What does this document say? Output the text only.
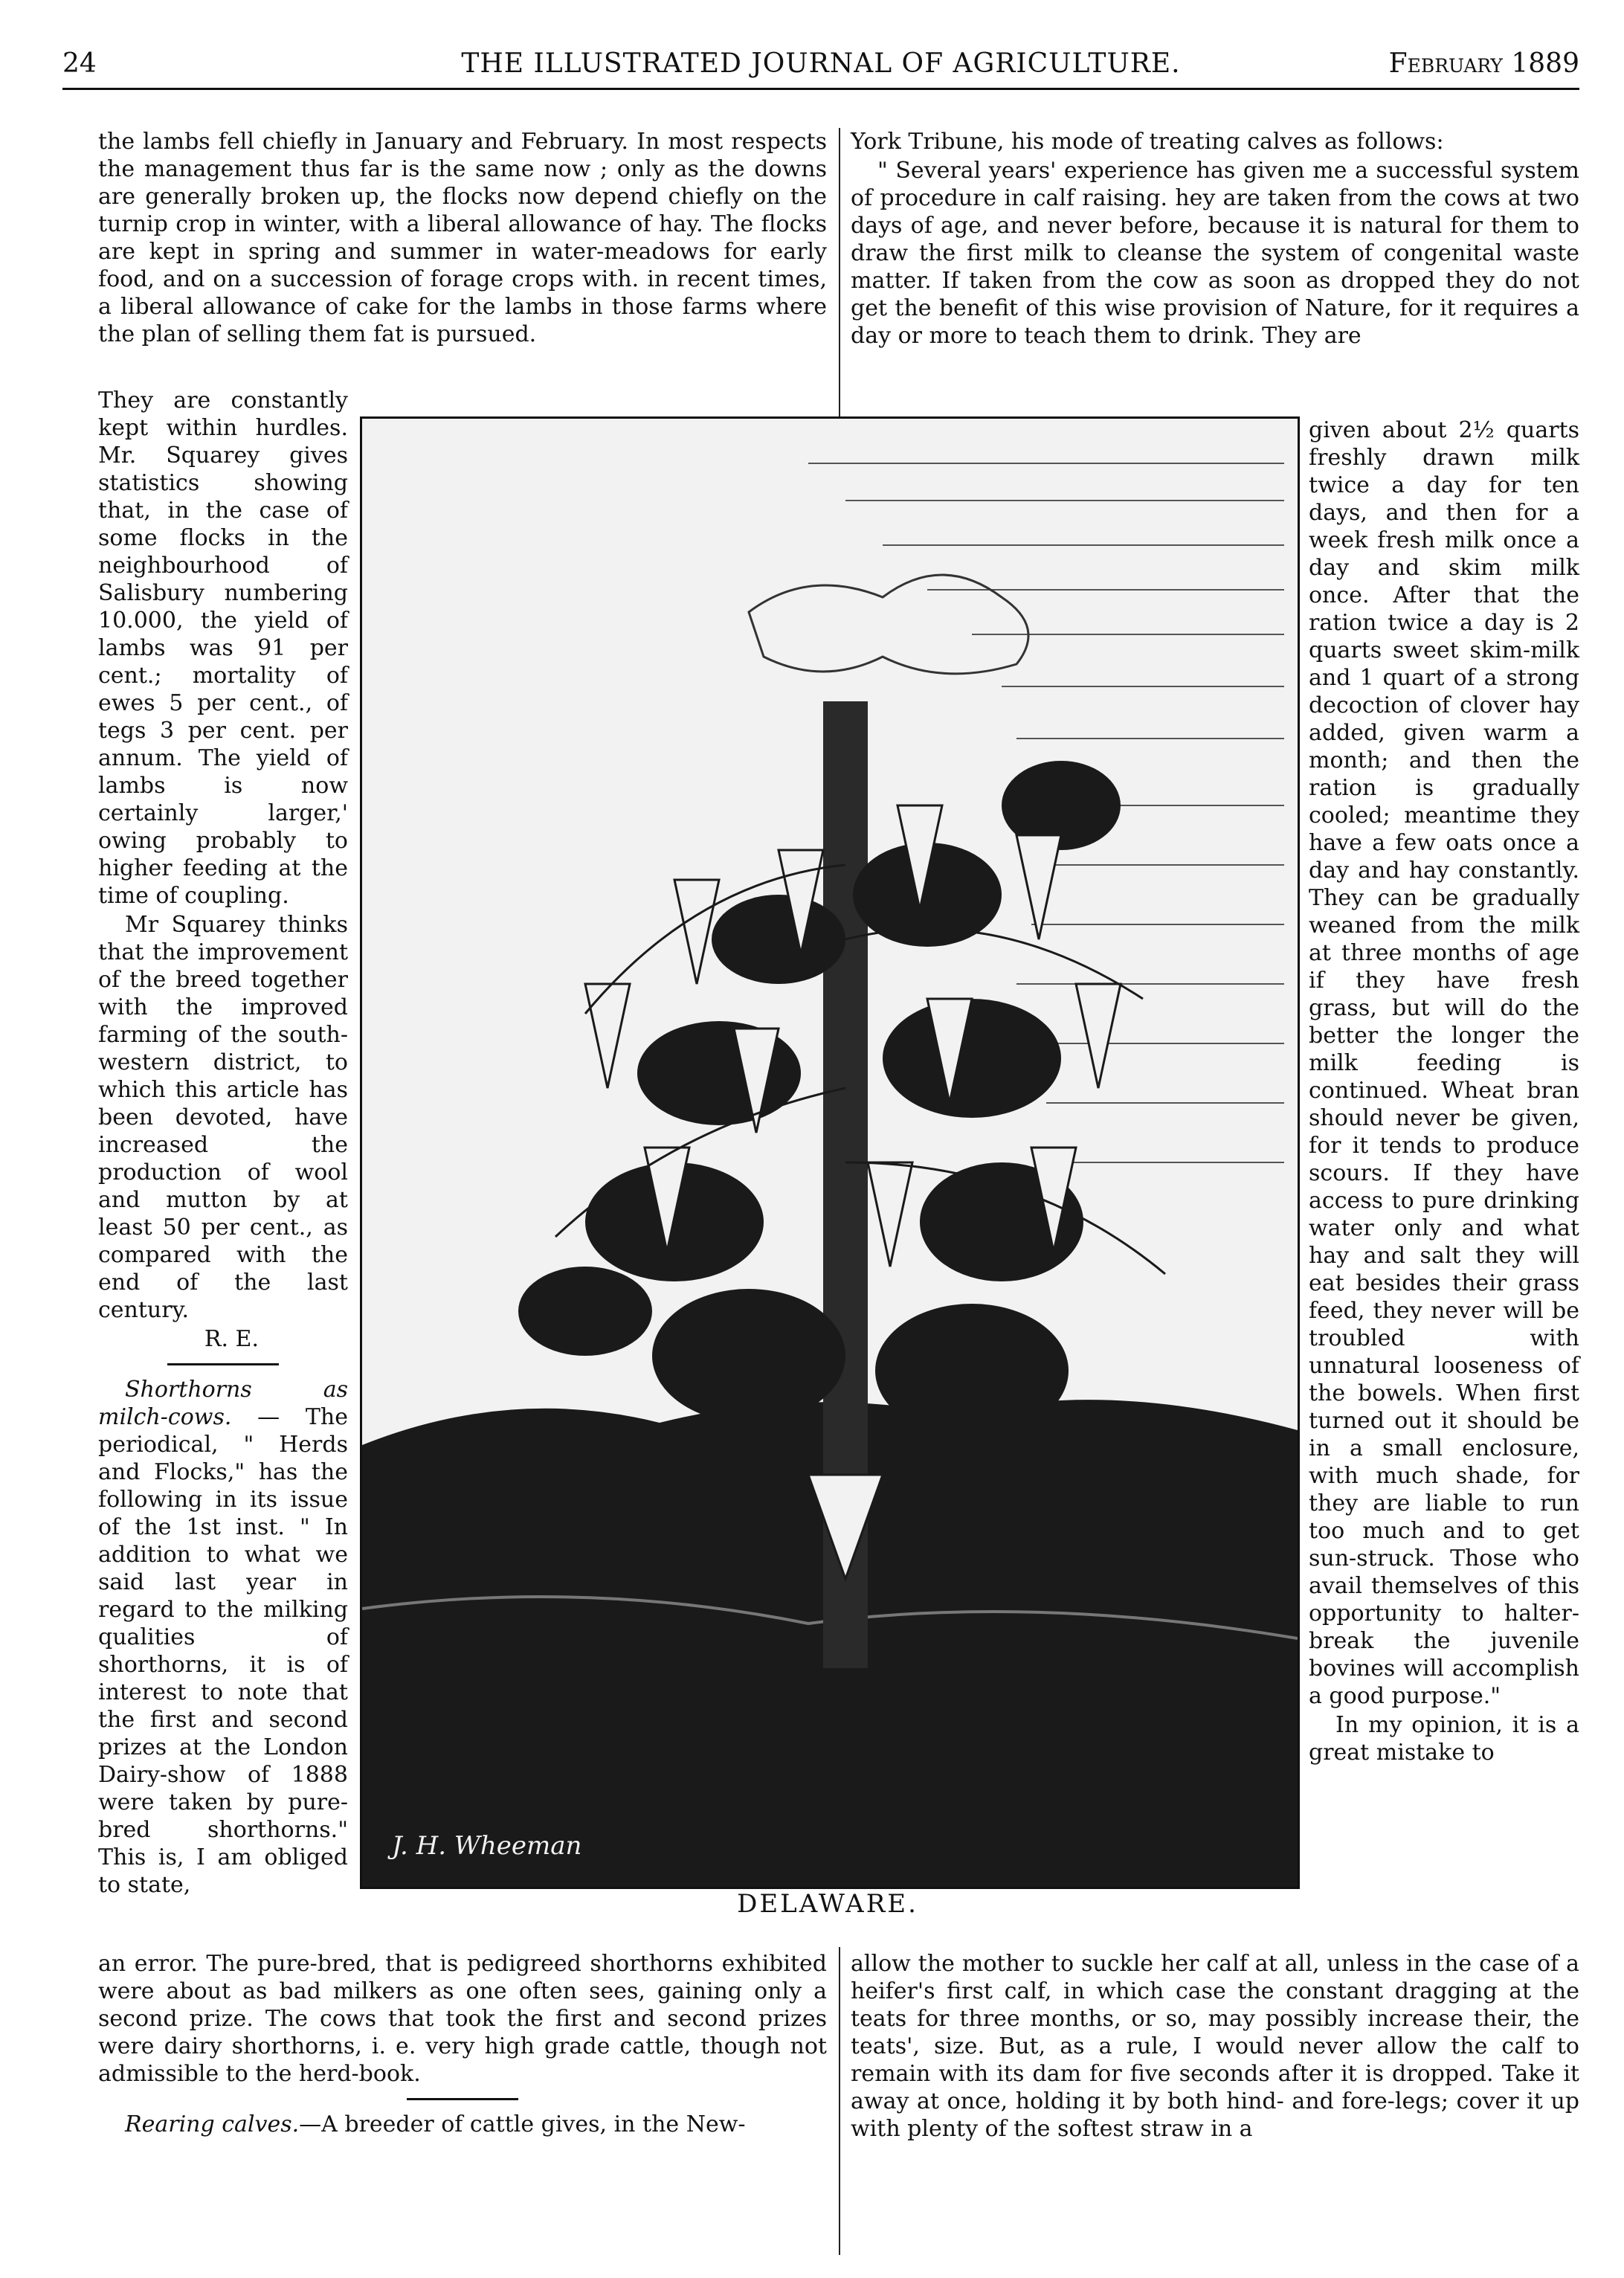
24	THE ILLUSTRATED JOURNAL OF AGRICULTURE.	February 1889

the lambs fell chiefly in January and February. In most respects the management thus far is the same now ; only as the downs are generally broken up, the flocks now depend chiefly on the turnip crop in winter, with a liberal allowance of hay. The flocks are kept in spring and summer in water-meadows for early food, and on a succession of forage crops with. in recent times, a liberal allowance of cake for the lambs in those farms where the plan of selling them fat is pursued.

They are constantly kept within hurdles. Mr. Squarey gives statistics showing that, in the case of some flocks in the neighbourhood of Salisbury numbering 10.000, the yield of lambs was 91 per cent.; mortality of ewes 5 per cent., of tegs 3 per cent. per annum. The yield of lambs is now certainly larger,' owing probably to higher feeding at the time of coupling.

Mr Squarey thinks that the improvement of the breed together with the improved farming of the south-western district, to which this article has been devoted, have increased the production of wool and mutton by at least 50 per cent., as compared with the end of the last century.

R. E.

Shorthorns as milch-cows. — The periodical, " Herds and Flocks," has the following in its issue of the 1st inst. " In addition to what we said last year in regard to the milking qualities of shorthorns, it is of interest to note that the first and second prizes at the London Dairy-show of 1888 were taken by pure-bred shorthorns." This is, I am obliged to state,

an error. The pure-bred, that is pedigreed shorthorns exhibited were about as bad milkers as one often sees, gaining only a second prize. The cows that took the first and second prizes were dairy shorthorns, i. e. very high grade cattle, though not admissible to the herd-book.

Rearing calves.—A breeder of cattle gives, in the New-

York Tribune, his mode of treating calves as follows:

" Several years' experience has given me a successful system of procedure in calf raising. hey are taken from the cows at two days of age, and never before, because it is natural for them to draw the first milk to cleanse the system of congenital waste matter. If taken from the cow as soon as dropped they do not get the benefit of this wise provision of Nature, for it requires a day or more to teach them to drink. They are

given about 2½ quarts freshly drawn milk twice a day for ten days, and then for a week fresh milk once a day and skim milk once. After that the ration twice a day is 2 quarts sweet skim-milk and 1 quart of a strong decoction of clover hay added, given warm a month; and then the ration is gradually cooled; meantime they have a few oats once a day and hay constantly. They can be gradually weaned from the milk at three months of age if they have fresh grass, but will do the better the longer the milk feeding is continued. Wheat bran should never be given, for it tends to produce scours. If they have access to pure drinking water only and what hay and salt they will eat besides their grass feed, they never will be troubled with unnatural looseness of the bowels. When first turned out it should be in a small enclosure, with much shade, for they are liable to run too much and to get sun-struck. Those who avail themselves of this opportunity to halter-break the juvenile bovines will accomplish a good purpose."

In my opinion, it is a great mistake to

allow the mother to suckle her calf at all, unless in the case of a heifer's first calf, in which case the constant dragging at the teats for three months, or so, may possibly increase their, the teats', size. But, as a rule, I would never allow the calf to remain with its dam for five seconds after it is dropped. Take it away at once, holding it by both hind- and fore-legs; cover it up with plenty of the softest straw in a

J. H. Wheeman
DELAWARE.
